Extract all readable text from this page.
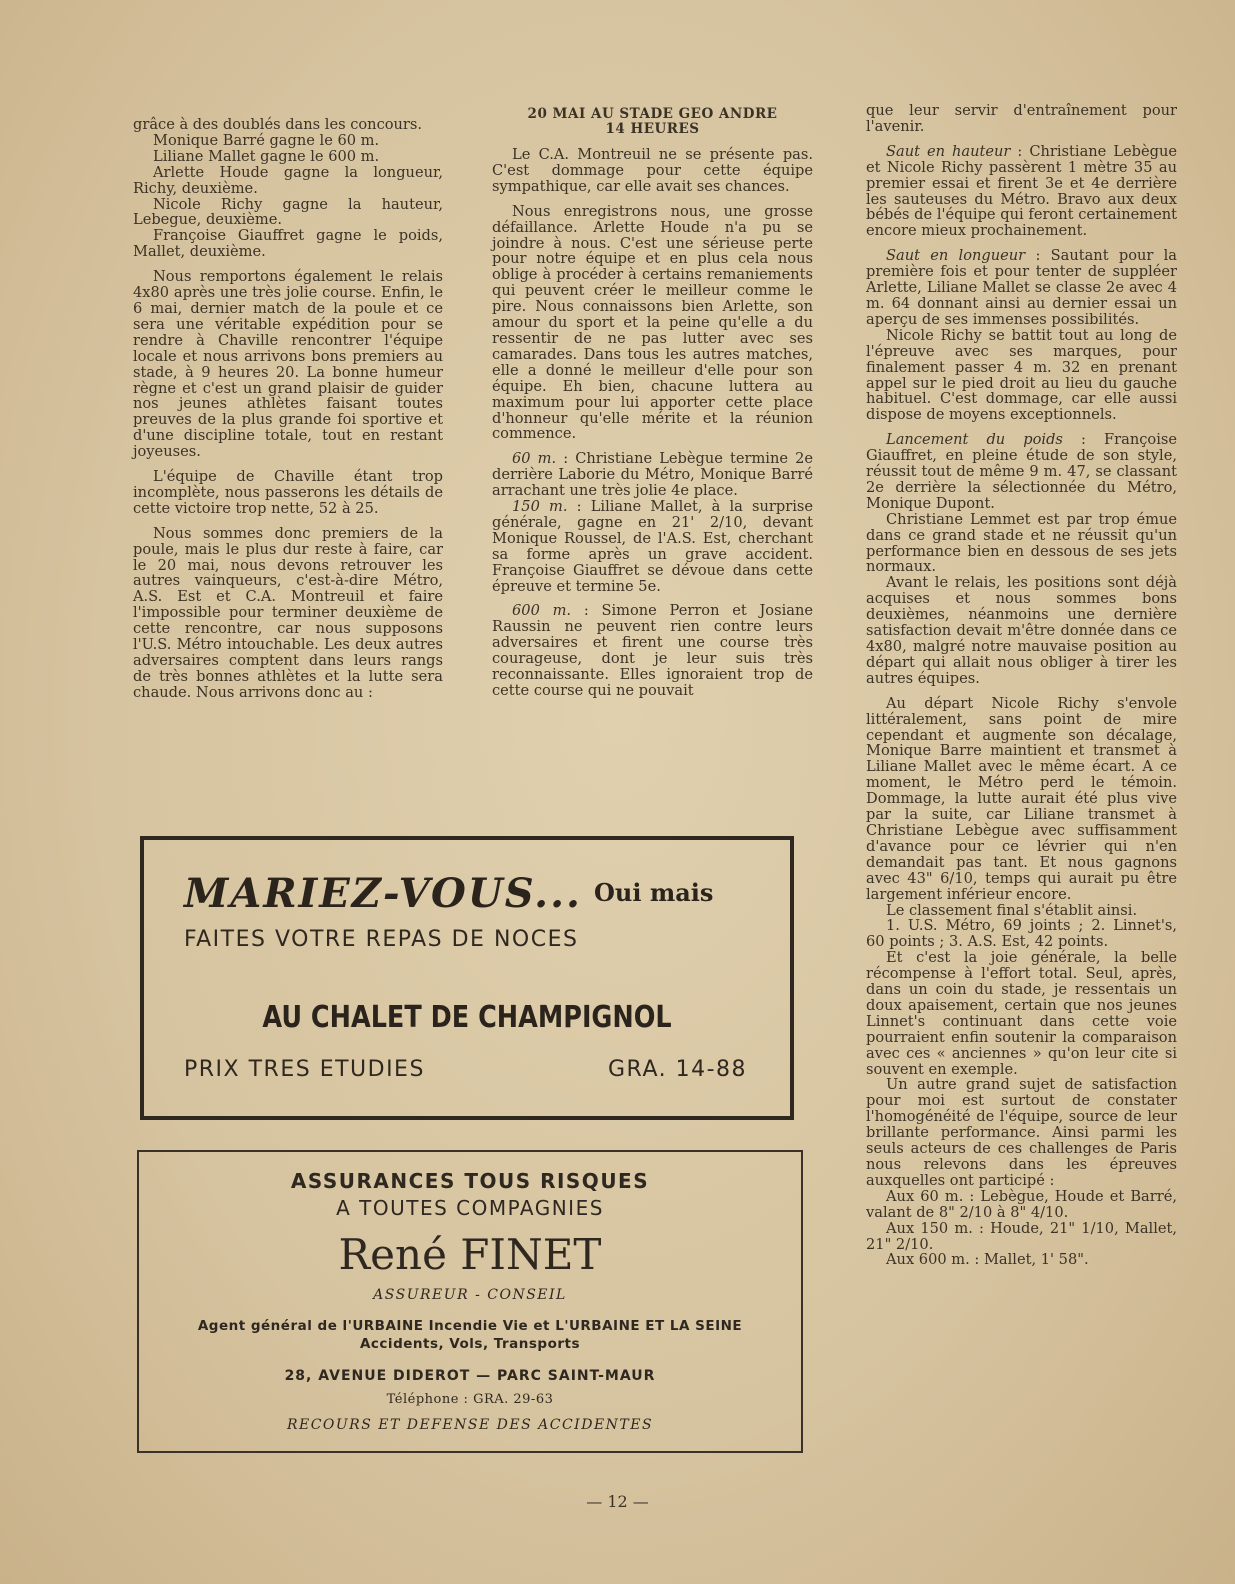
grâce à des doublés dans les concours.

Monique Barré gagne le 60 m.

Liliane Mallet gagne le 600 m.

Arlette Houde gagne la longueur, Richy, deuxième.

Nicole Richy gagne la hauteur, Lebegue, deuxième.

Françoise Giauffret gagne le poids, Mallet, deuxième.

Nous remportons également le relais 4x80 après une très jolie course. Enfin, le 6 mai, dernier match de la poule et ce sera une véritable expédition pour se rendre à Chaville rencontrer l'équipe locale et nous arrivons bons premiers au stade, à 9 heures 20. La bonne humeur règne et c'est un grand plaisir de guider nos jeunes athlètes faisant toutes preuves de la plus grande foi sportive et d'une discipline totale, tout en restant joyeuses.

L'équipe de Chaville étant trop incomplète, nous passerons les détails de cette victoire trop nette, 52 à 25.

Nous sommes donc premiers de la poule, mais le plus dur reste à faire, car le 20 mai, nous devons retrouver les autres vainqueurs, c'est-à-dire Métro, A.S. Est et C.A. Montreuil et faire l'impossible pour terminer deuxième de cette rencontre, car nous supposons l'U.S. Métro intouchable. Les deux autres adversaires comptent dans leurs rangs de très bonnes athlètes et la lutte sera chaude. Nous arrivons donc au :

20 MAI AU STADE GEO ANDRE
14 HEURES

Le C.A. Montreuil ne se présente pas. C'est dommage pour cette équipe sympathique, car elle avait ses chances.

Nous enregistrons nous, une grosse défaillance. Arlette Houde n'a pu se joindre à nous. C'est une sérieuse perte pour notre équipe et en plus cela nous oblige à procéder à certains remaniements qui peuvent créer le meilleur comme le pire. Nous connaissons bien Arlette, son amour du sport et la peine qu'elle a du ressentir de ne pas lutter avec ses camarades. Dans tous les autres matches, elle a donné le meilleur d'elle pour son équipe. Eh bien, chacune luttera au maximum pour lui apporter cette place d'honneur qu'elle mérite et la réunion commence.

60 m. : Christiane Lebègue termine 2e derrière Laborie du Métro, Monique Barré arrachant une très jolie 4e place.

150 m. : Liliane Mallet, à la surprise générale, gagne en 21' 2/10, devant Monique Roussel, de l'A.S. Est, cherchant sa forme après un grave accident. Françoise Giauffret se dévoue dans cette épreuve et termine 5e.

600 m. : Simone Perron et Josiane Raussin ne peuvent rien contre leurs adversaires et firent une course très courageuse, dont je leur suis très reconnaissante. Elles ignoraient trop de cette course qui ne pouvait

que leur servir d'entraînement pour l'avenir.

Saut en hauteur : Christiane Lebègue et Nicole Richy passèrent 1 mètre 35 au premier essai et firent 3e et 4e derrière les sauteuses du Métro. Bravo aux deux bébés de l'équipe qui feront certainement encore mieux prochainement.

Saut en longueur : Sautant pour la première fois et pour tenter de suppléer Arlette, Liliane Mallet se classe 2e avec 4 m. 64 donnant ainsi au dernier essai un aperçu de ses immenses possibilités.

Nicole Richy se battit tout au long de l'épreuve avec ses marques, pour finalement passer 4 m. 32 en prenant appel sur le pied droit au lieu du gauche habituel. C'est dommage, car elle aussi dispose de moyens exceptionnels.

Lancement du poids : Françoise Giauffret, en pleine étude de son style, réussit tout de même 9 m. 47, se classant 2e derrière la sélectionnée du Métro, Monique Dupont.

Christiane Lemmet est par trop émue dans ce grand stade et ne réussit qu'un performance bien en dessous de ses jets normaux.

Avant le relais, les positions sont déjà acquises et nous sommes bons deuxièmes, néanmoins une dernière satisfaction devait m'être donnée dans ce 4x80, malgré notre mauvaise position au départ qui allait nous obliger à tirer les autres équipes.

Au départ Nicole Richy s'envole littéralement, sans point de mire cependant et augmente son décalage, Monique Barre maintient et transmet à Liliane Mallet avec le même écart. A ce moment, le Métro perd le témoin. Dommage, la lutte aurait été plus vive par la suite, car Liliane transmet à Christiane Lebègue avec suffisamment d'avance pour ce lévrier qui n'en demandait pas tant. Et nous gagnons avec 43" 6/10, temps qui aurait pu être largement inférieur encore.

Le classement final s'établit ainsi.

1. U.S. Métro, 69 joints ; 2. Linnet's, 60 points ; 3. A.S. Est, 42 points.

Et c'est la joie générale, la belle récompense à l'effort total. Seul, après, dans un coin du stade, je ressentais un doux apaisement, certain que nos jeunes Linnet's continuant dans cette voie pourraient enfin soutenir la comparaison avec ces « anciennes » qu'on leur cite si souvent en exemple.

Un autre grand sujet de satisfaction pour moi est surtout de constater l'homogénéité de l'équipe, source de leur brillante performance. Ainsi parmi les seuls acteurs de ces challenges de Paris nous relevons dans les épreuves auxquelles ont participé :

Aux 60 m. : Lebègue, Houde et Barré, valant de 8" 2/10 à 8" 4/10.

Aux 150 m. : Houde, 21" 1/10, Mallet, 21" 2/10.

Aux 600 m. : Mallet, 1' 58".

MARIEZ-VOUS... Oui mais
FAITES VOTRE REPAS DE NOCES
AU CHALET DE CHAMPIGNOL
PRIX TRES ETUDIES	GRA. 14-88
ASSURANCES TOUS RISQUES
A TOUTES COMPAGNIES
René FINET
ASSUREUR - CONSEIL
Agent général de l'URBAINE Incendie Vie et L'URBAINE ET LA SEINE
Accidents, Vols, Transports
28, AVENUE DIDEROT — PARC SAINT-MAUR
Téléphone : GRA. 29-63
RECOURS ET DEFENSE DES ACCIDENTES
— 12 —
